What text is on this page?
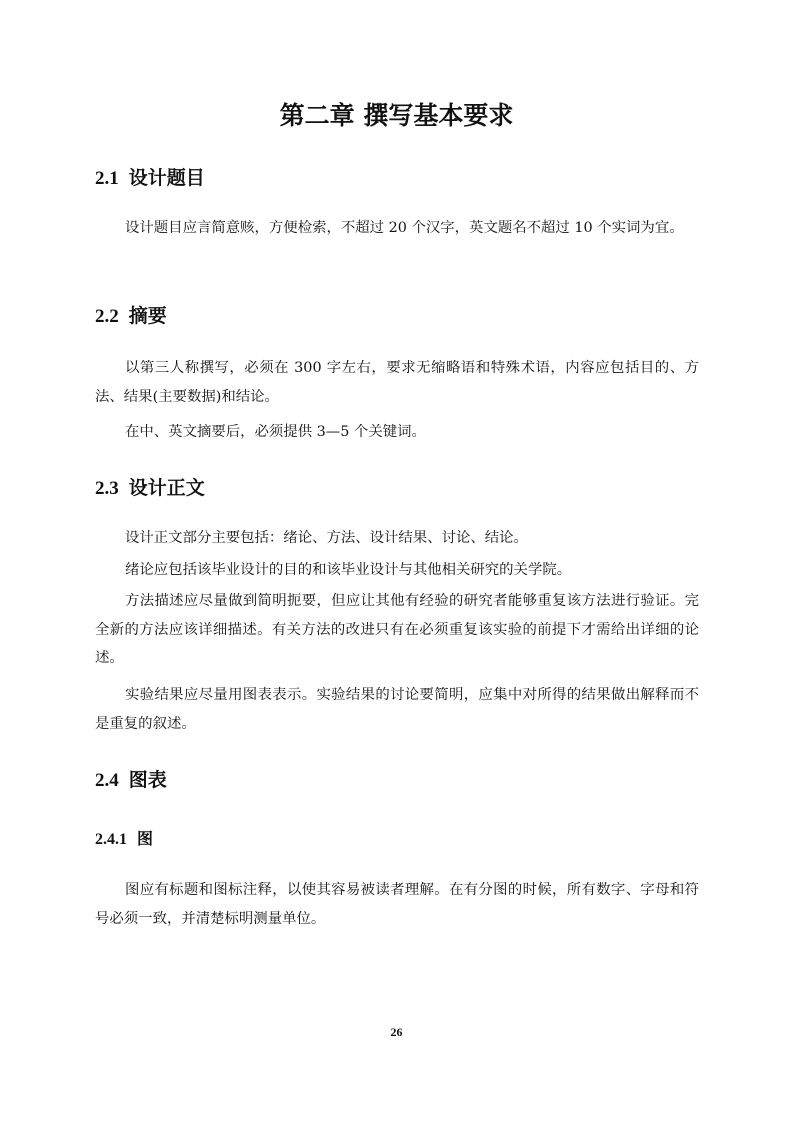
第二章 撰写基本要求
2.1 设计题目

设计题目应言简意赅，方便检索，不超过 20 个汉字，英文题名不超过 10 个实词为宜。

2.2 摘要

以第三人称撰写，必须在 300 字左右，要求无缩略语和特殊术语，内容应包括目的、方法、结果(主要数据)和结论。

在中、英文摘要后，必须提供 3—5 个关键词。

2.3 设计正文

设计正文部分主要包括：绪论、方法、设计结果、讨论、结论。

绪论应包括该毕业设计的目的和该毕业设计与其他相关研究的关学院。

方法描述应尽量做到简明扼要，但应让其他有经验的研究者能够重复该方法进行验证。完全新的方法应该详细描述。有关方法的改进只有在必须重复该实验的前提下才需给出详细的论述。

实验结果应尽量用图表表示。实验结果的讨论要简明，应集中对所得的结果做出解释而不是重复的叙述。

2.4 图表
2.4.1 图

图应有标题和图标注释，以使其容易被读者理解。在有分图的时候，所有数字、字母和符号必须一致，并清楚标明测量单位。

26
